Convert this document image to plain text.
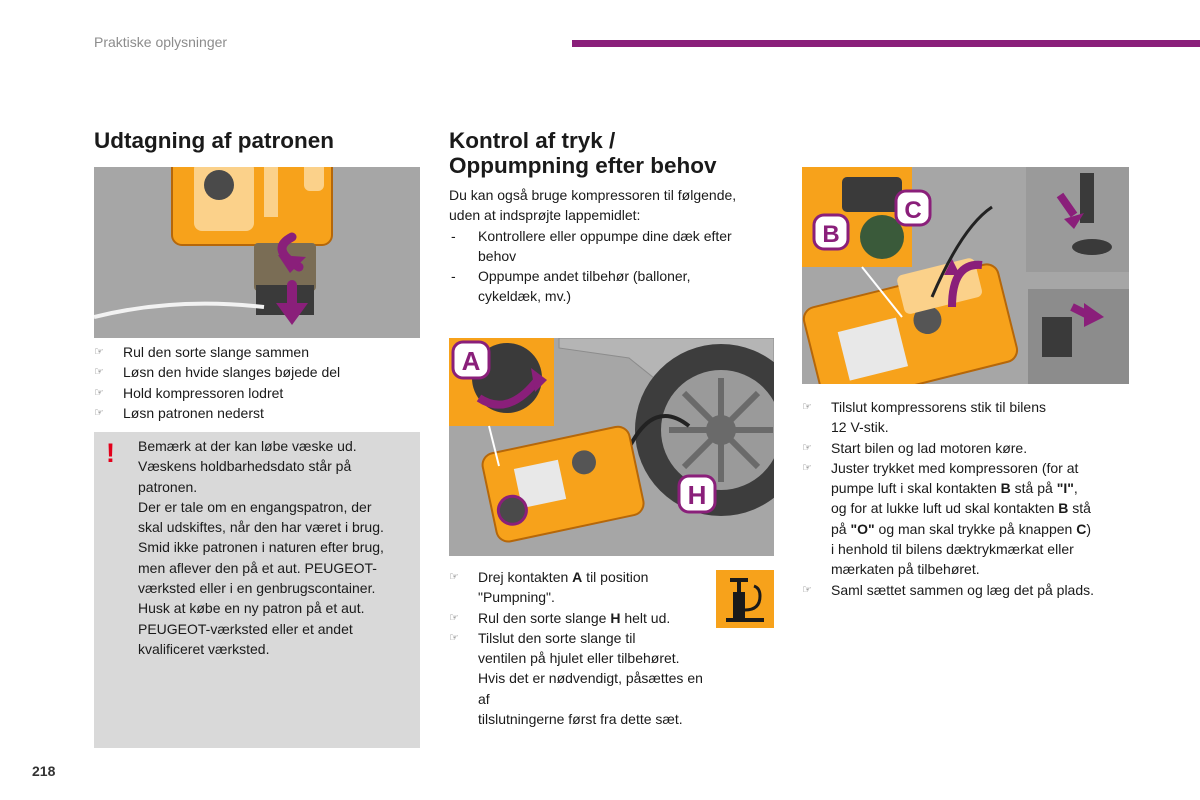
Praktiske oplysninger
Udtagning af patronen
☞ Rul den sorte slange sammen
☞ Løsn den hvide slanges bøjede del
☞ Hold kompressoren lodret
☞ Løsn patronen nederst
! Bemærk at der kan løbe væske ud.
Væskens holdbarhedsdato står på
patronen.
Der er tale om en engangspatron, der
skal udskiftes, når den har været i brug.
Smid ikke patronen i naturen efter brug,
men aflever den på et aut. PEUGEOT-
værksted eller i en genbrugscontainer.
Husk at købe en ny patron på et aut.
PEUGEOT-værksted eller et andet
kvalificeret værksted.
Kontrol af tryk /
Oppumpning efter behov

Du kan også bruge kompressoren til følgende,

uden at indsprøjte lappemidlet:

- Kontrollere eller oppumpe dine dæk efter
behov
- Oppumpe andet tilbehør (balloner,
cykeldæk, mv.)
A
H
☞ Drej kontakten A til position
"Pumpning".
☞ Rul den sorte slange H helt ud.
☞ Tilslut den sorte slange til
ventilen på hjulet eller tilbehøret.
Hvis det er nødvendigt, påsættes en af
tilslutningerne først fra dette sæt.
B
C
☞ Tilslut kompressorens stik til bilens
12 V-stik.
☞ Start bilen og lad motoren køre.
☞ Juster trykket med kompressoren (for at
pumpe luft i skal kontakten B stå på "I",
og for at lukke luft ud skal kontakten B stå
på "O" og man skal trykke på knappen C)
i henhold til bilens dæktrykmærkat eller
mærkaten på tilbehøret.
☞ Saml sættet sammen og læg det på plads.
218
